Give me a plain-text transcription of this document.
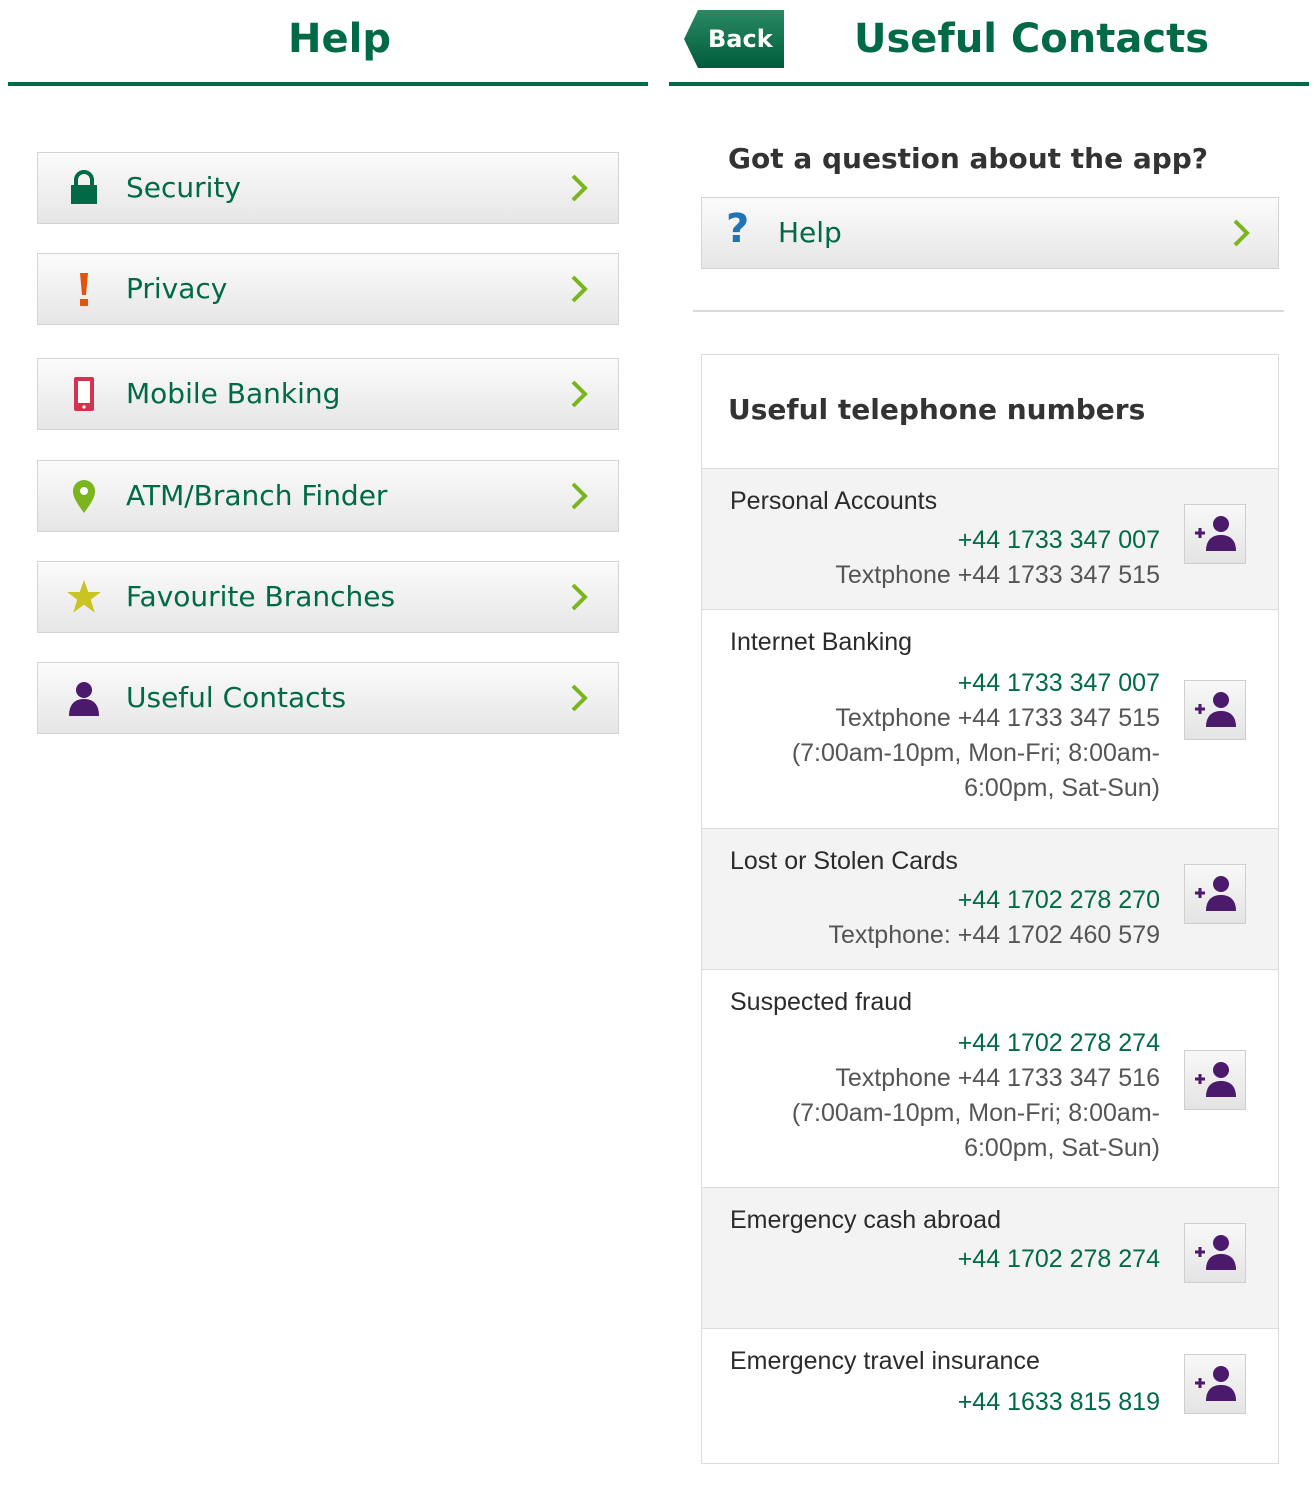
Help
Security
Privacy
Mobile Banking
ATM/Branch Finder
Favourite Branches
Useful Contacts
Back Useful Contacts
Got a question about the app?
? Help
Useful telephone numbers
Personal Accounts
+44 1733 347 007
Textphone +44 1733 347 515
Internet Banking
+44 1733 347 007
Textphone +44 1733 347 515
(7:00am-10pm, Mon-Fri; 8:00am-
6:00pm, Sat-Sun)
Lost or Stolen Cards
+44 1702 278 270
Textphone: +44 1702 460 579
Suspected fraud
+44 1702 278 274
Textphone +44 1733 347 516
(7:00am-10pm, Mon-Fri; 8:00am-
6:00pm, Sat-Sun)
Emergency cash abroad
+44 1702 278 274
Emergency travel insurance
+44 1633 815 819
